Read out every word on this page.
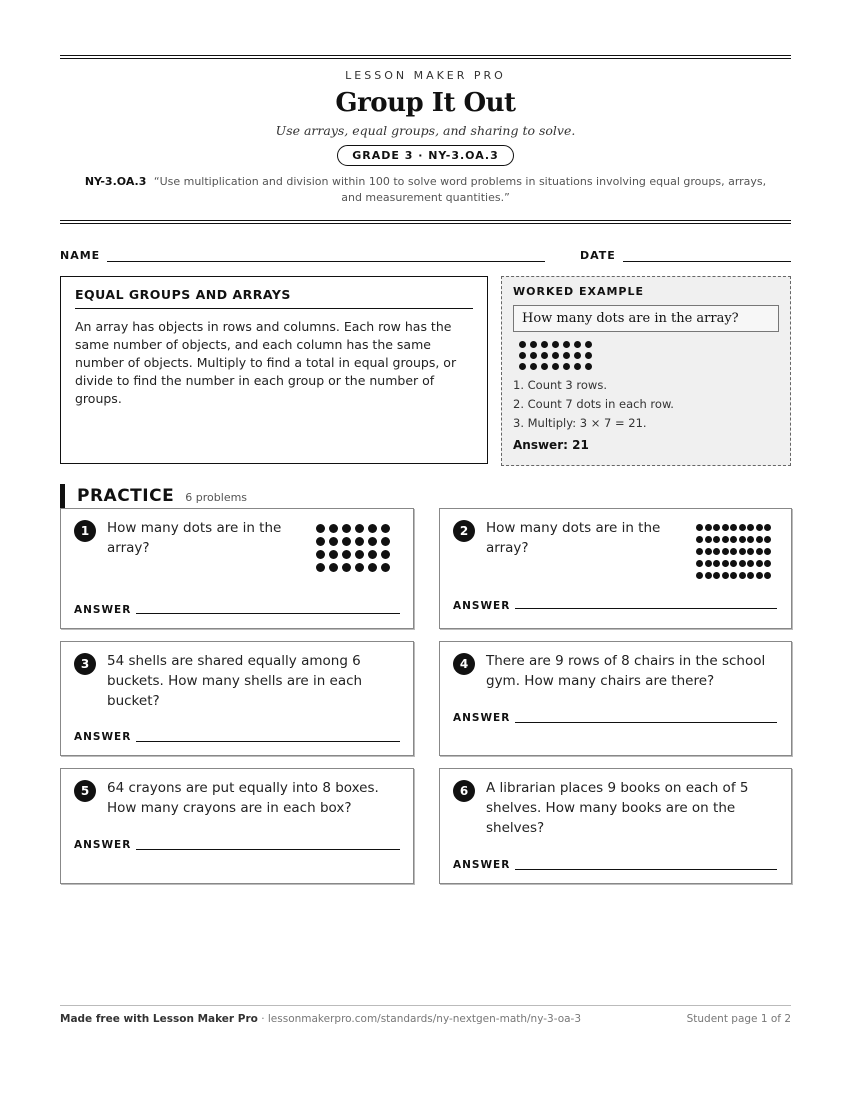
LESSON MAKER PRO
Group It Out
Use arrays, equal groups, and sharing to solve.
GRADE 3 · NY-3.OA.3
NY-3.OA.3 “Use multiplication and division within 100 to solve word problems in situations involving equal groups, arrays, and measurement quantities.”
NAME	DATE
EQUAL GROUPS AND ARRAYS
An array has objects in rows and columns. Each row has the same number of objects, and each column has the same number of objects. Multiply to find a total in equal groups, or divide to find the number in each group or the number of groups.
WORKED EXAMPLE
How many dots are in the array?
1. Count 3 rows.
2. Count 7 dots in each row.
3. Multiply: 3 × 7 = 21.
Answer: 21
PRACTICE 6 problems
1	How many dots are in the array?
ANSWER
2	How many dots are in the array?
ANSWER
3	54 shells are shared equally among 6 buckets. How many shells are in each bucket?
ANSWER
4	There are 9 rows of 8 chairs in the school gym. How many chairs are there?
ANSWER
5	64 crayons are put equally into 8 boxes. How many crayons are in each box?
ANSWER
6	A librarian places 9 books on each of 5 shelves. How many books are on the shelves?
ANSWER
Made free with Lesson Maker Pro · lessonmakerpro.com/standards/ny-nextgen-math/ny-3-oa-3	Student page 1 of 2
